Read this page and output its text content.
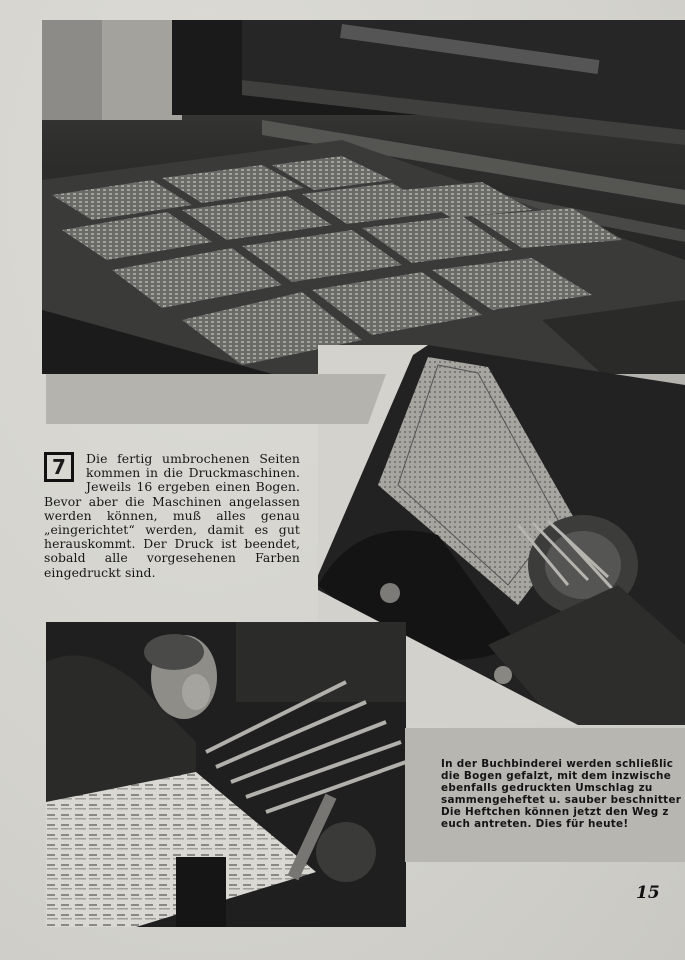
7	Die fertig umbrochenen Seiten kommen in die Druckmaschinen. Jeweils 16 ergeben einen Bogen. Bevor aber die Maschinen angelassen werden können, muß alles genau „eingerichtet“ werden, damit es gut herauskommt. Der Druck ist beendet, sobald alle vorgesehenen Farben eingedruckt sind.

In der Buchbinderei werden schließlic
die Bogen gefalzt, mit dem inzwische
ebenfalls gedruckten Umschlag zu
sammengeheftet u. sauber beschnitter
Die Heftchen können jetzt den Weg z
euch antreten. Dies für heute!

15
